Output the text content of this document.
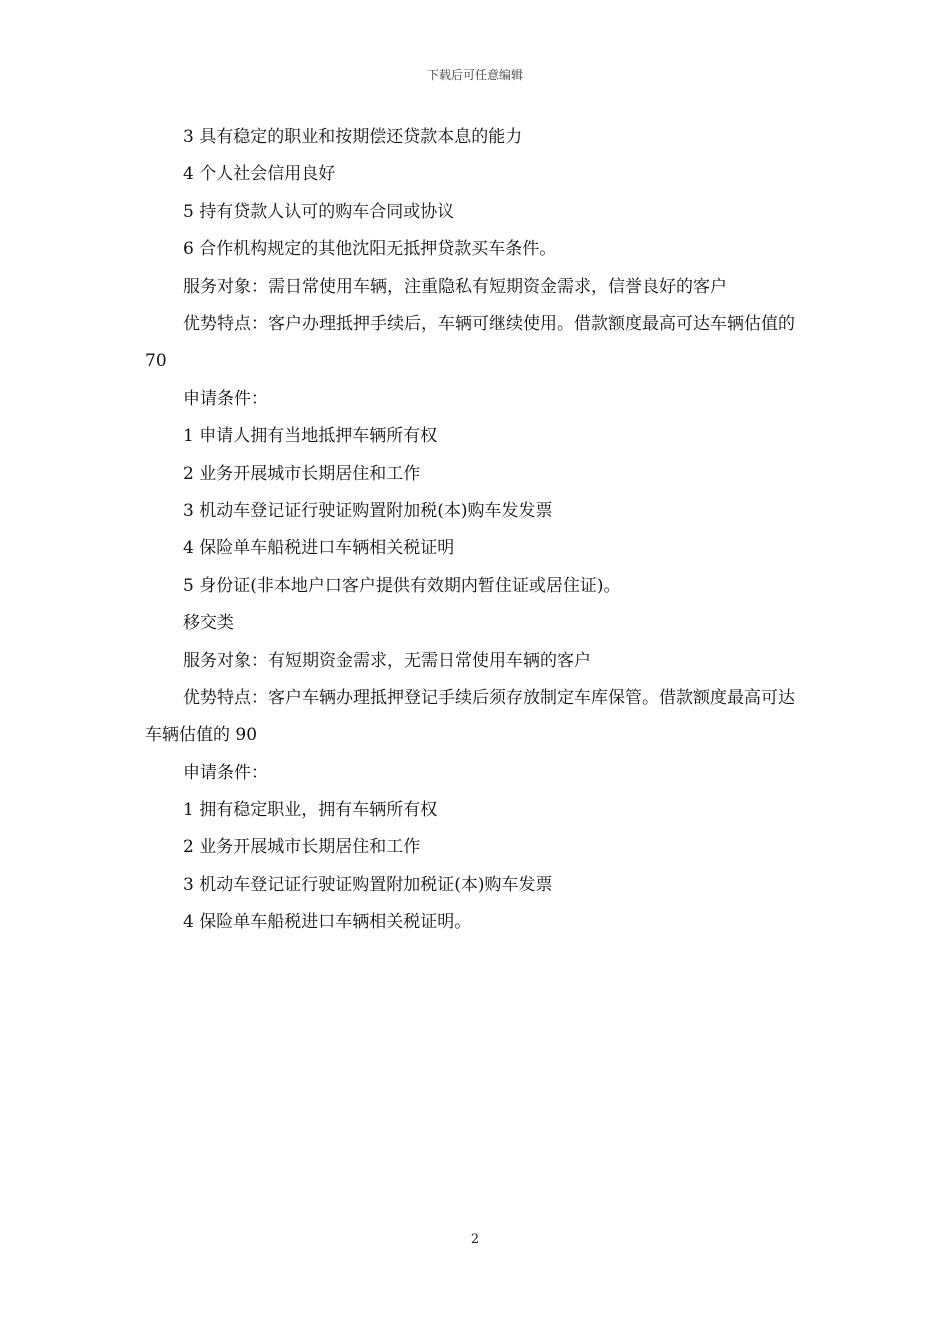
下载后可任意编辑
3 具有稳定的职业和按期偿还贷款本息的能力
4 个人社会信用良好
5 持有贷款人认可的购车合同或协议
6 合作机构规定的其他沈阳无抵押贷款买车条件。
服务对象：需日常使用车辆，注重隐私有短期资金需求，信誉良好的客户
优势特点：客户办理抵押手续后，车辆可继续使用。借款额度最高可达车辆估值的 70
申请条件：
1 申请人拥有当地抵押车辆所有权
2 业务开展城市长期居住和工作
3 机动车登记证行驶证购置附加税(本)购车发发票
4 保险单车船税进口车辆相关税证明
5 身份证(非本地户口客户提供有效期内暂住证或居住证)。
移交类
服务对象：有短期资金需求，无需日常使用车辆的客户
优势特点：客户车辆办理抵押登记手续后须存放制定车库保管。借款额度最高可达车辆估值的 90
申请条件：
1 拥有稳定职业，拥有车辆所有权
2 业务开展城市长期居住和工作
3 机动车登记证行驶证购置附加税证(本)购车发票
4 保险单车船税进口车辆相关税证明。
2
